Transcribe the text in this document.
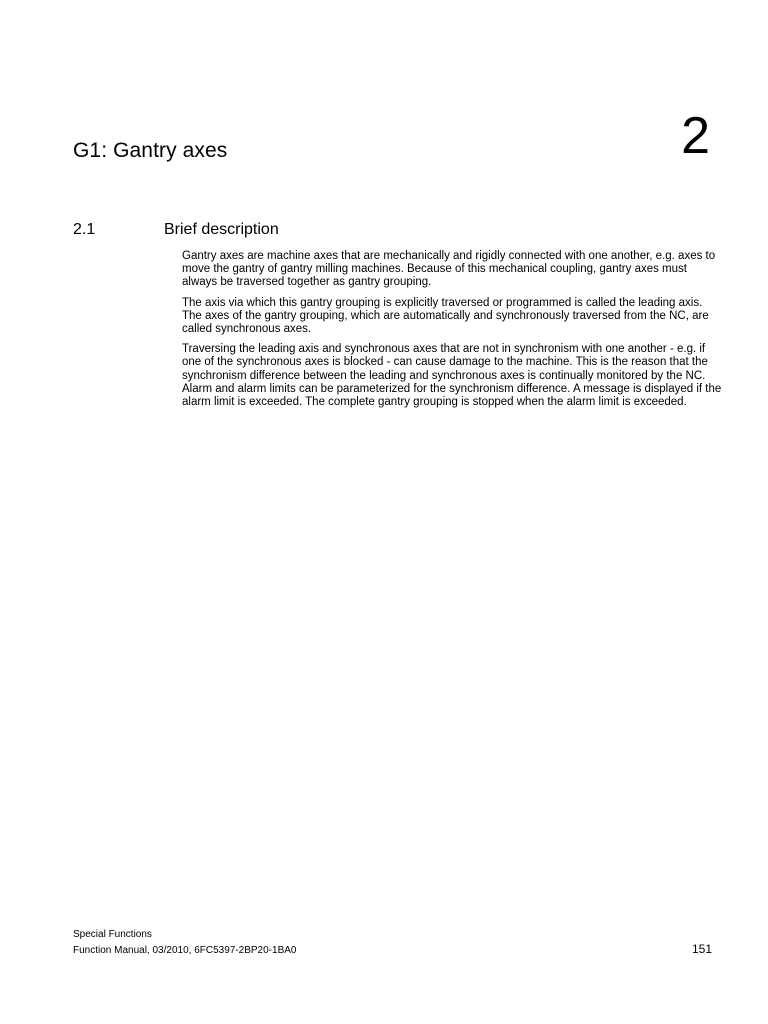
G1: Gantry axes	2
2.1	Brief description

Gantry axes are machine axes that are mechanically and rigidly connected with one another, e.g. axes to move the gantry of gantry milling machines. Because of this mechanical coupling, gantry axes must always be traversed together as gantry grouping.

The axis via which this gantry grouping is explicitly traversed or programmed is called the leading axis. The axes of the gantry grouping, which are automatically and synchronously traversed from the NC, are called synchronous axes.

Traversing the leading axis and synchronous axes that are not in synchronism with one another - e.g. if one of the synchronous axes is blocked - can cause damage to the machine. This is the reason that the synchronism difference between the leading and synchronous axes is continually monitored by the NC. Alarm and alarm limits can be parameterized for the synchronism difference. A message is displayed if the alarm limit is exceeded. The complete gantry grouping is stopped when the alarm limit is exceeded.

Special Functions
Function Manual, 03/2010, 6FC5397-2BP20-1BA0	151
